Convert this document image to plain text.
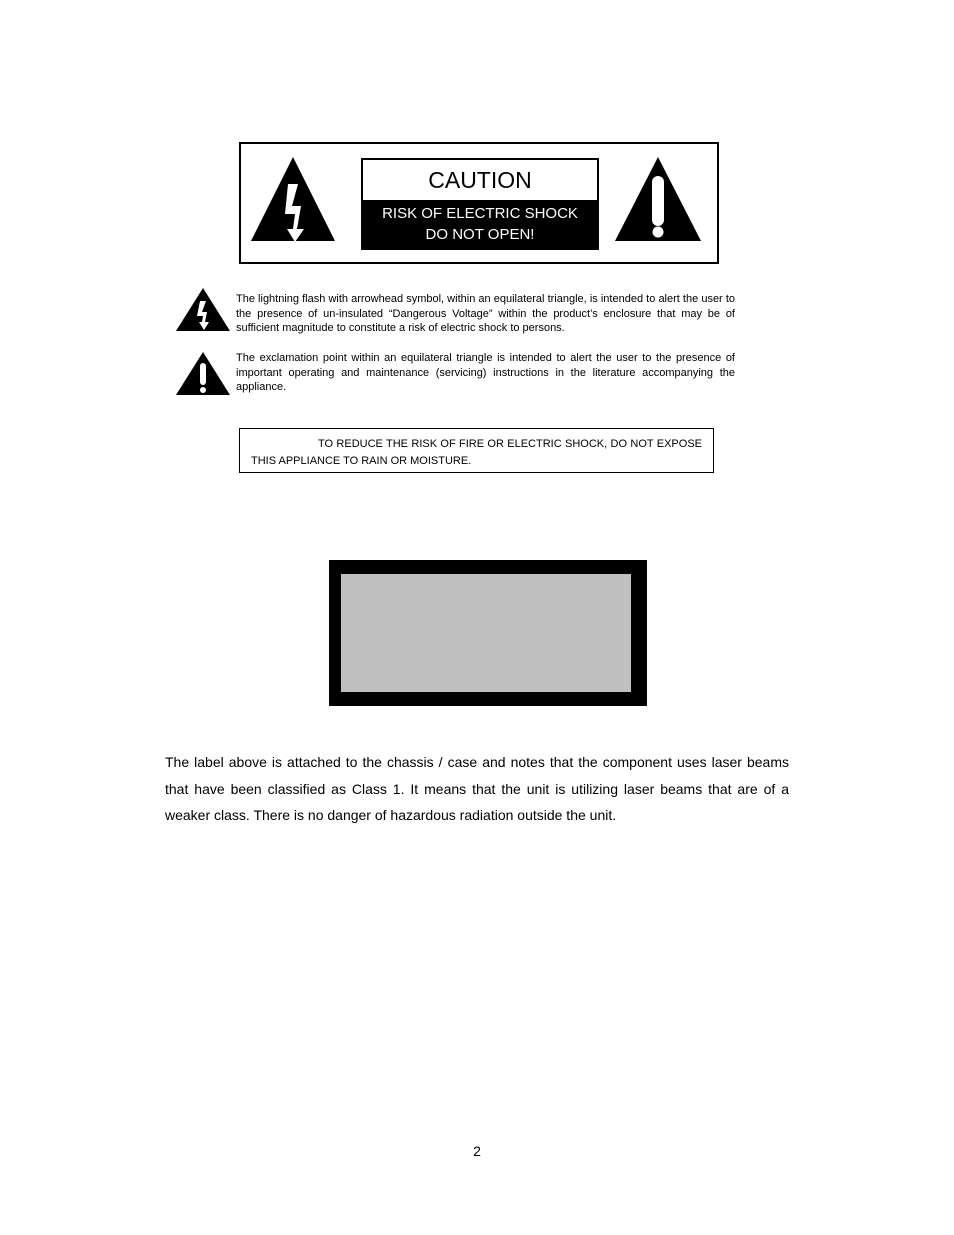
CAUTION
RISK OF ELECTRIC SHOCK
DO NOT OPEN!
The lightning flash with arrowhead symbol, within an equilateral triangle, is intended to alert the user to the presence of un-insulated “Dangerous Voltage” within the product’s enclosure that may be of sufficient magnitude to constitute a risk of electric shock to persons.
The exclamation point within an equilateral triangle is intended to alert the user to the presence of important operating and maintenance (servicing) instructions in the literature accompanying the appliance.
TO REDUCE THE RISK OF FIRE OR ELECTRIC SHOCK, DO NOT EXPOSE THIS APPLIANCE TO RAIN OR MOISTURE.
The label above is attached to the chassis / case and notes that the component uses laser beams that have been classified as Class 1. It means that the unit is utilizing laser beams that are of a weaker class. There is no danger of hazardous radiation outside the unit.
2
